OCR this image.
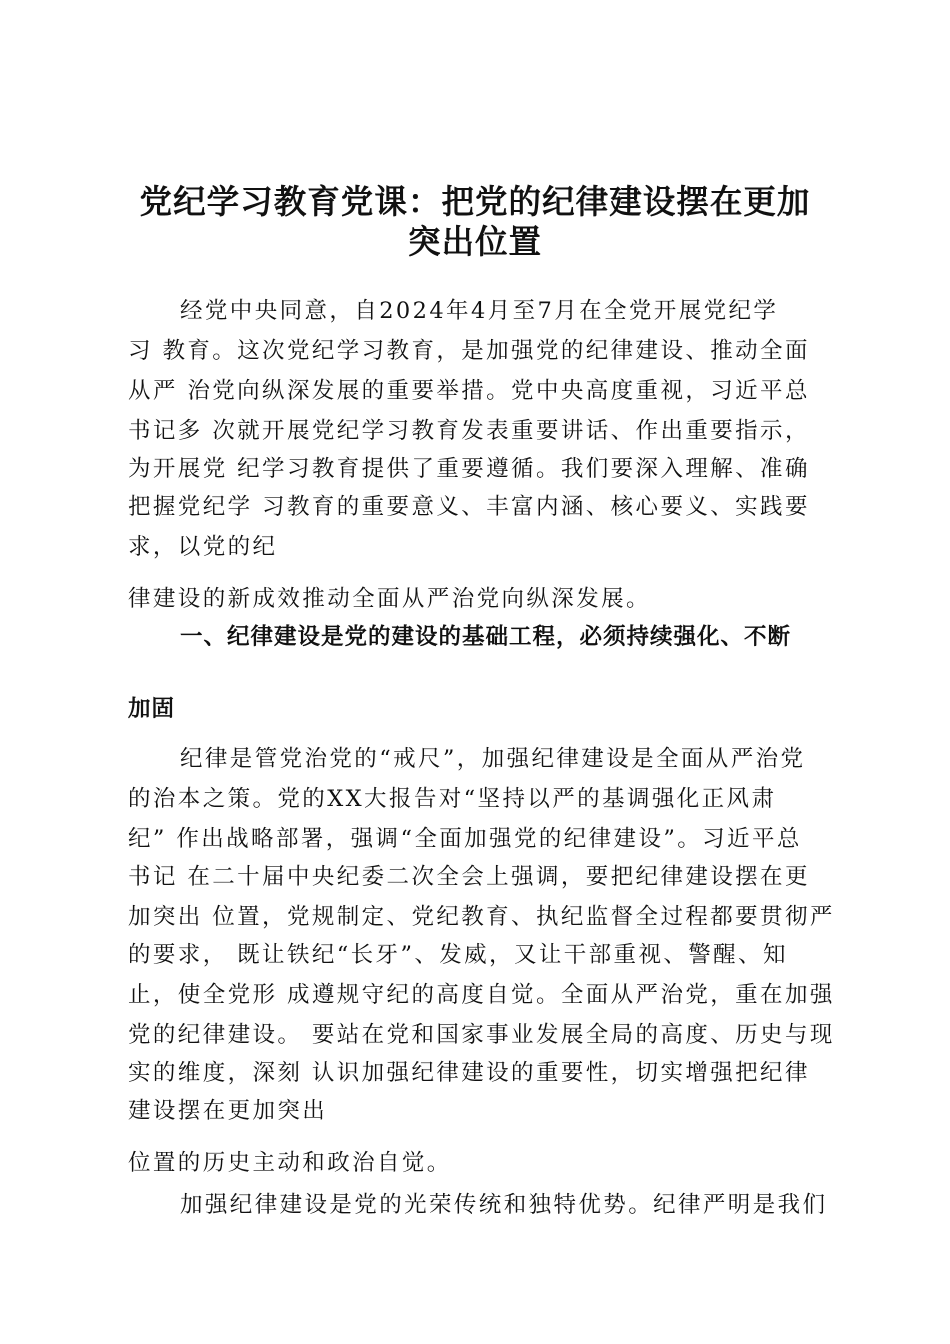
党纪学习教育党课：把党的纪律建设摆在更加
突出位置
经党中央同意，自2024年4月至7月在全党开展党纪学
习 教育。这次党纪学习教育，是加强党的纪律建设、推动全面
从严 治党向纵深发展的重要举措。党中央高度重视，习近平总
书记多 次就开展党纪学习教育发表重要讲话、作出重要指示，
为开展党 纪学习教育提供了重要遵循。我们要深入理解、准确
把握党纪学 习教育的重要意义、丰富内涵、核心要义、实践要
求，以党的纪
律建设的新成效推动全面从严治党向纵深发展。
一、纪律建设是党的建设的基础工程，必须持续强化、不断
加固
纪律是管党治党的“戒尺”，加强纪律建设是全面从严治党
的治本之策。党的XX大报告对“坚持以严的基调强化正风肃
纪” 作出战略部署，强调“全面加强党的纪律建设”。习近平总
书记 在二十届中央纪委二次全会上强调，要把纪律建设摆在更
加突出 位置，党规制定、党纪教育、执纪监督全过程都要贯彻严
的要求， 既让铁纪“长牙”、发威，又让干部重视、警醒、知
止，使全党形 成遵规守纪的高度自觉。全面从严治党，重在加强
党的纪律建设。 要站在党和国家事业发展全局的高度、历史与现
实的维度，深刻 认识加强纪律建设的重要性，切实增强把纪律
建设摆在更加突出
位置的历史主动和政治自觉。
加强纪律建设是党的光荣传统和独特优势。纪律严明是我们
